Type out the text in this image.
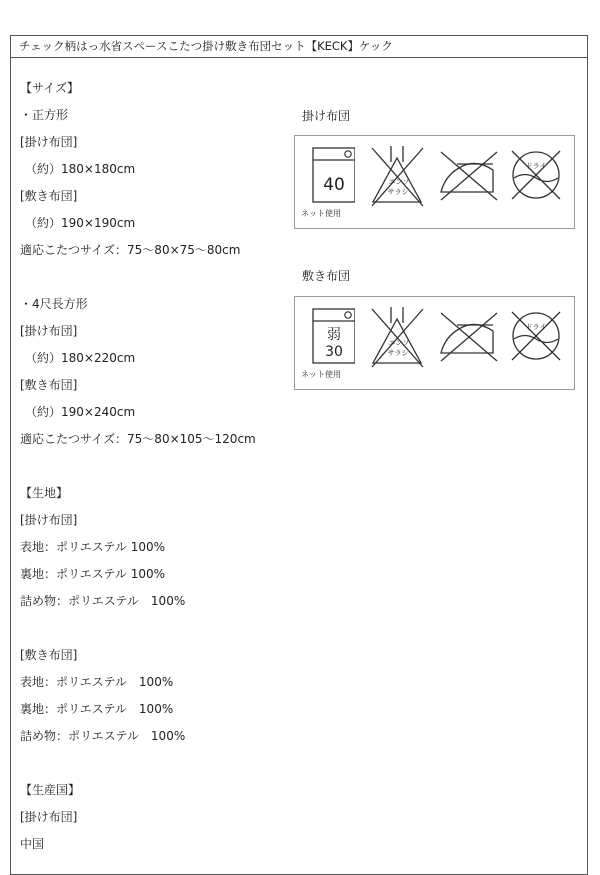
チェック柄はっ水省スペースこたつ掛け敷き布団セット【KECK】ケック
【サイズ】
・正方形
[掛け布団]
（約）180×180cm
[敷き布団]
（約）190×190cm
適応こたつサイズ：75〜80×75〜80cm
・4尺長方形
[掛け布団]
（約）180×220cm
[敷き布団]
（約）190×240cm
適応こたつサイズ：75〜80×105〜120cm
【生地】
[掛け布団]
表地：ポリエステル 100%
裏地：ポリエステル 100%
詰め物：ポリエステル　100%
[敷き布団]
表地：ポリエステル　100%
裏地：ポリエステル　100%
詰め物：ポリエステル　100%
【生産国】
[掛け布団]
中国
掛け布団
40
ネット使用
エンソ
サラシ
ドライ
敷き布団
弱
30
ネット使用
エンソ
サラシ
ドライ
